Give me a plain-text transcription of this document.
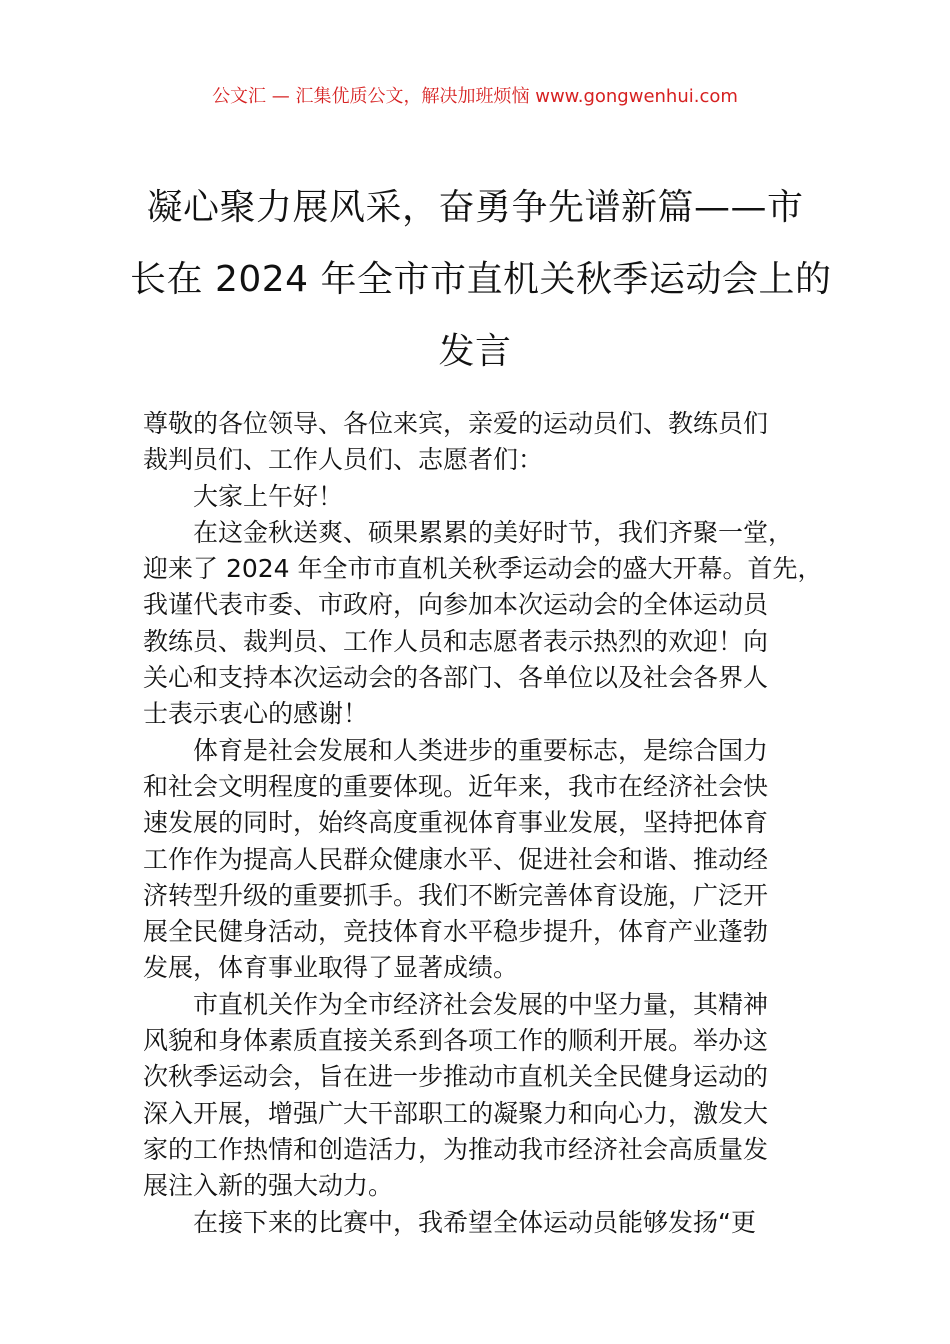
公文汇 — 汇集优质公文，解决加班烦恼 www.gongwenhui.com
凝心聚力展风采，奋勇争先谱新篇——市
长在 2024 年全市市直机关秋季运动会上的
发言

尊敬的各位领导、各位来宾，亲爱的运动员们、教练员们
裁判员们、工作人员们、志愿者们：

大家上午好！

在这金秋送爽、硕果累累的美好时节，我们齐聚一堂，
迎来了 2024 年全市市直机关秋季运动会的盛大开幕。首先，
我谨代表市委、市政府，向参加本次运动会的全体运动员
教练员、裁判员、工作人员和志愿者表示热烈的欢迎！向
关心和支持本次运动会的各部门、各单位以及社会各界人
士表示衷心的感谢！

体育是社会发展和人类进步的重要标志，是综合国力
和社会文明程度的重要体现。近年来，我市在经济社会快
速发展的同时，始终高度重视体育事业发展，坚持把体育
工作作为提高人民群众健康水平、促进社会和谐、推动经
济转型升级的重要抓手。我们不断完善体育设施，广泛开
展全民健身活动，竞技体育水平稳步提升，体育产业蓬勃
发展，体育事业取得了显著成绩。

市直机关作为全市经济社会发展的中坚力量，其精神
风貌和身体素质直接关系到各项工作的顺利开展。举办这
次秋季运动会，旨在进一步推动市直机关全民健身运动的
深入开展，增强广大干部职工的凝聚力和向心力，激发大
家的工作热情和创造活力，为推动我市经济社会高质量发
展注入新的强大动力。

在接下来的比赛中，我希望全体运动员能够发扬“更
